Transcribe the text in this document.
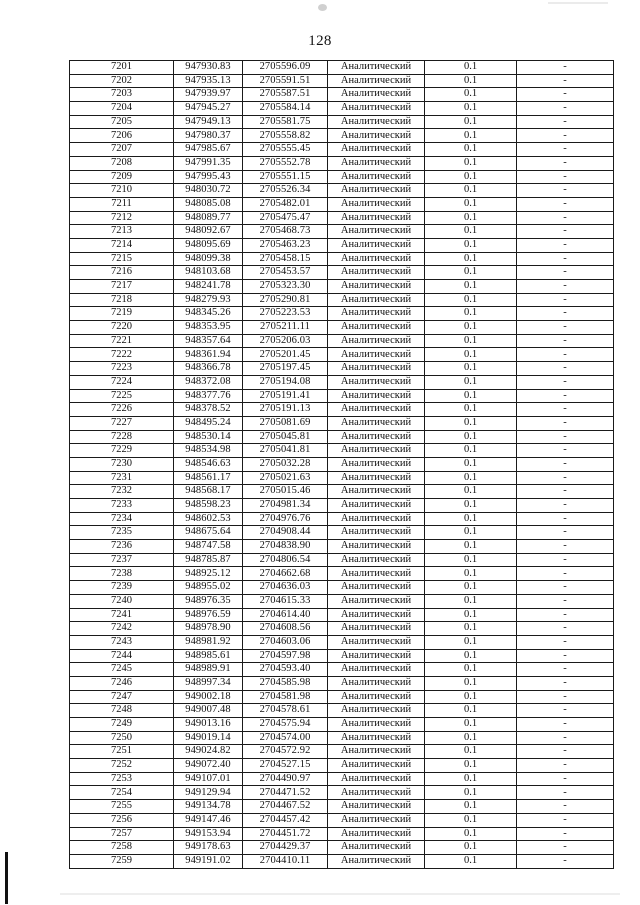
128
7201	947930.83	2705596.09	Аналитический	0.1	-
7202	947935.13	2705591.51	Аналитический	0.1	-
7203	947939.97	2705587.51	Аналитический	0.1	-
7204	947945.27	2705584.14	Аналитический	0.1	-
7205	947949.13	2705581.75	Аналитический	0.1	-
7206	947980.37	2705558.82	Аналитический	0.1	-
7207	947985.67	2705555.45	Аналитический	0.1	-
7208	947991.35	2705552.78	Аналитический	0.1	-
7209	947995.43	2705551.15	Аналитический	0.1	-
7210	948030.72	2705526.34	Аналитический	0.1	-
7211	948085.08	2705482.01	Аналитический	0.1	-
7212	948089.77	2705475.47	Аналитический	0.1	-
7213	948092.67	2705468.73	Аналитический	0.1	-
7214	948095.69	2705463.23	Аналитический	0.1	-
7215	948099.38	2705458.15	Аналитический	0.1	-
7216	948103.68	2705453.57	Аналитический	0.1	-
7217	948241.78	2705323.30	Аналитический	0.1	-
7218	948279.93	2705290.81	Аналитический	0.1	-
7219	948345.26	2705223.53	Аналитический	0.1	-
7220	948353.95	2705211.11	Аналитический	0.1	-
7221	948357.64	2705206.03	Аналитический	0.1	-
7222	948361.94	2705201.45	Аналитический	0.1	-
7223	948366.78	2705197.45	Аналитический	0.1	-
7224	948372.08	2705194.08	Аналитический	0.1	-
7225	948377.76	2705191.41	Аналитический	0.1	-
7226	948378.52	2705191.13	Аналитический	0.1	-
7227	948495.24	2705081.69	Аналитический	0.1	-
7228	948530.14	2705045.81	Аналитический	0.1	-
7229	948534.98	2705041.81	Аналитический	0.1	-
7230	948546.63	2705032.28	Аналитический	0.1	-
7231	948561.17	2705021.63	Аналитический	0.1	-
7232	948568.17	2705015.46	Аналитический	0.1	-
7233	948598.23	2704981.34	Аналитический	0.1	-
7234	948602.53	2704976.76	Аналитический	0.1	-
7235	948675.64	2704908.44	Аналитический	0.1	-
7236	948747.58	2704838.90	Аналитический	0.1	-
7237	948785.87	2704806.54	Аналитический	0.1	-
7238	948925.12	2704662.68	Аналитический	0.1	-
7239	948955.02	2704636.03	Аналитический	0.1	-
7240	948976.35	2704615.33	Аналитический	0.1	-
7241	948976.59	2704614.40	Аналитический	0.1	-
7242	948978.90	2704608.56	Аналитический	0.1	-
7243	948981.92	2704603.06	Аналитический	0.1	-
7244	948985.61	2704597.98	Аналитический	0.1	-
7245	948989.91	2704593.40	Аналитический	0.1	-
7246	948997.34	2704585.98	Аналитический	0.1	-
7247	949002.18	2704581.98	Аналитический	0.1	-
7248	949007.48	2704578.61	Аналитический	0.1	-
7249	949013.16	2704575.94	Аналитический	0.1	-
7250	949019.14	2704574.00	Аналитический	0.1	-
7251	949024.82	2704572.92	Аналитический	0.1	-
7252	949072.40	2704527.15	Аналитический	0.1	-
7253	949107.01	2704490.97	Аналитический	0.1	-
7254	949129.94	2704471.52	Аналитический	0.1	-
7255	949134.78	2704467.52	Аналитический	0.1	-
7256	949147.46	2704457.42	Аналитический	0.1	-
7257	949153.94	2704451.72	Аналитический	0.1	-
7258	949178.63	2704429.37	Аналитический	0.1	-
7259	949191.02	2704410.11	Аналитический	0.1	-
